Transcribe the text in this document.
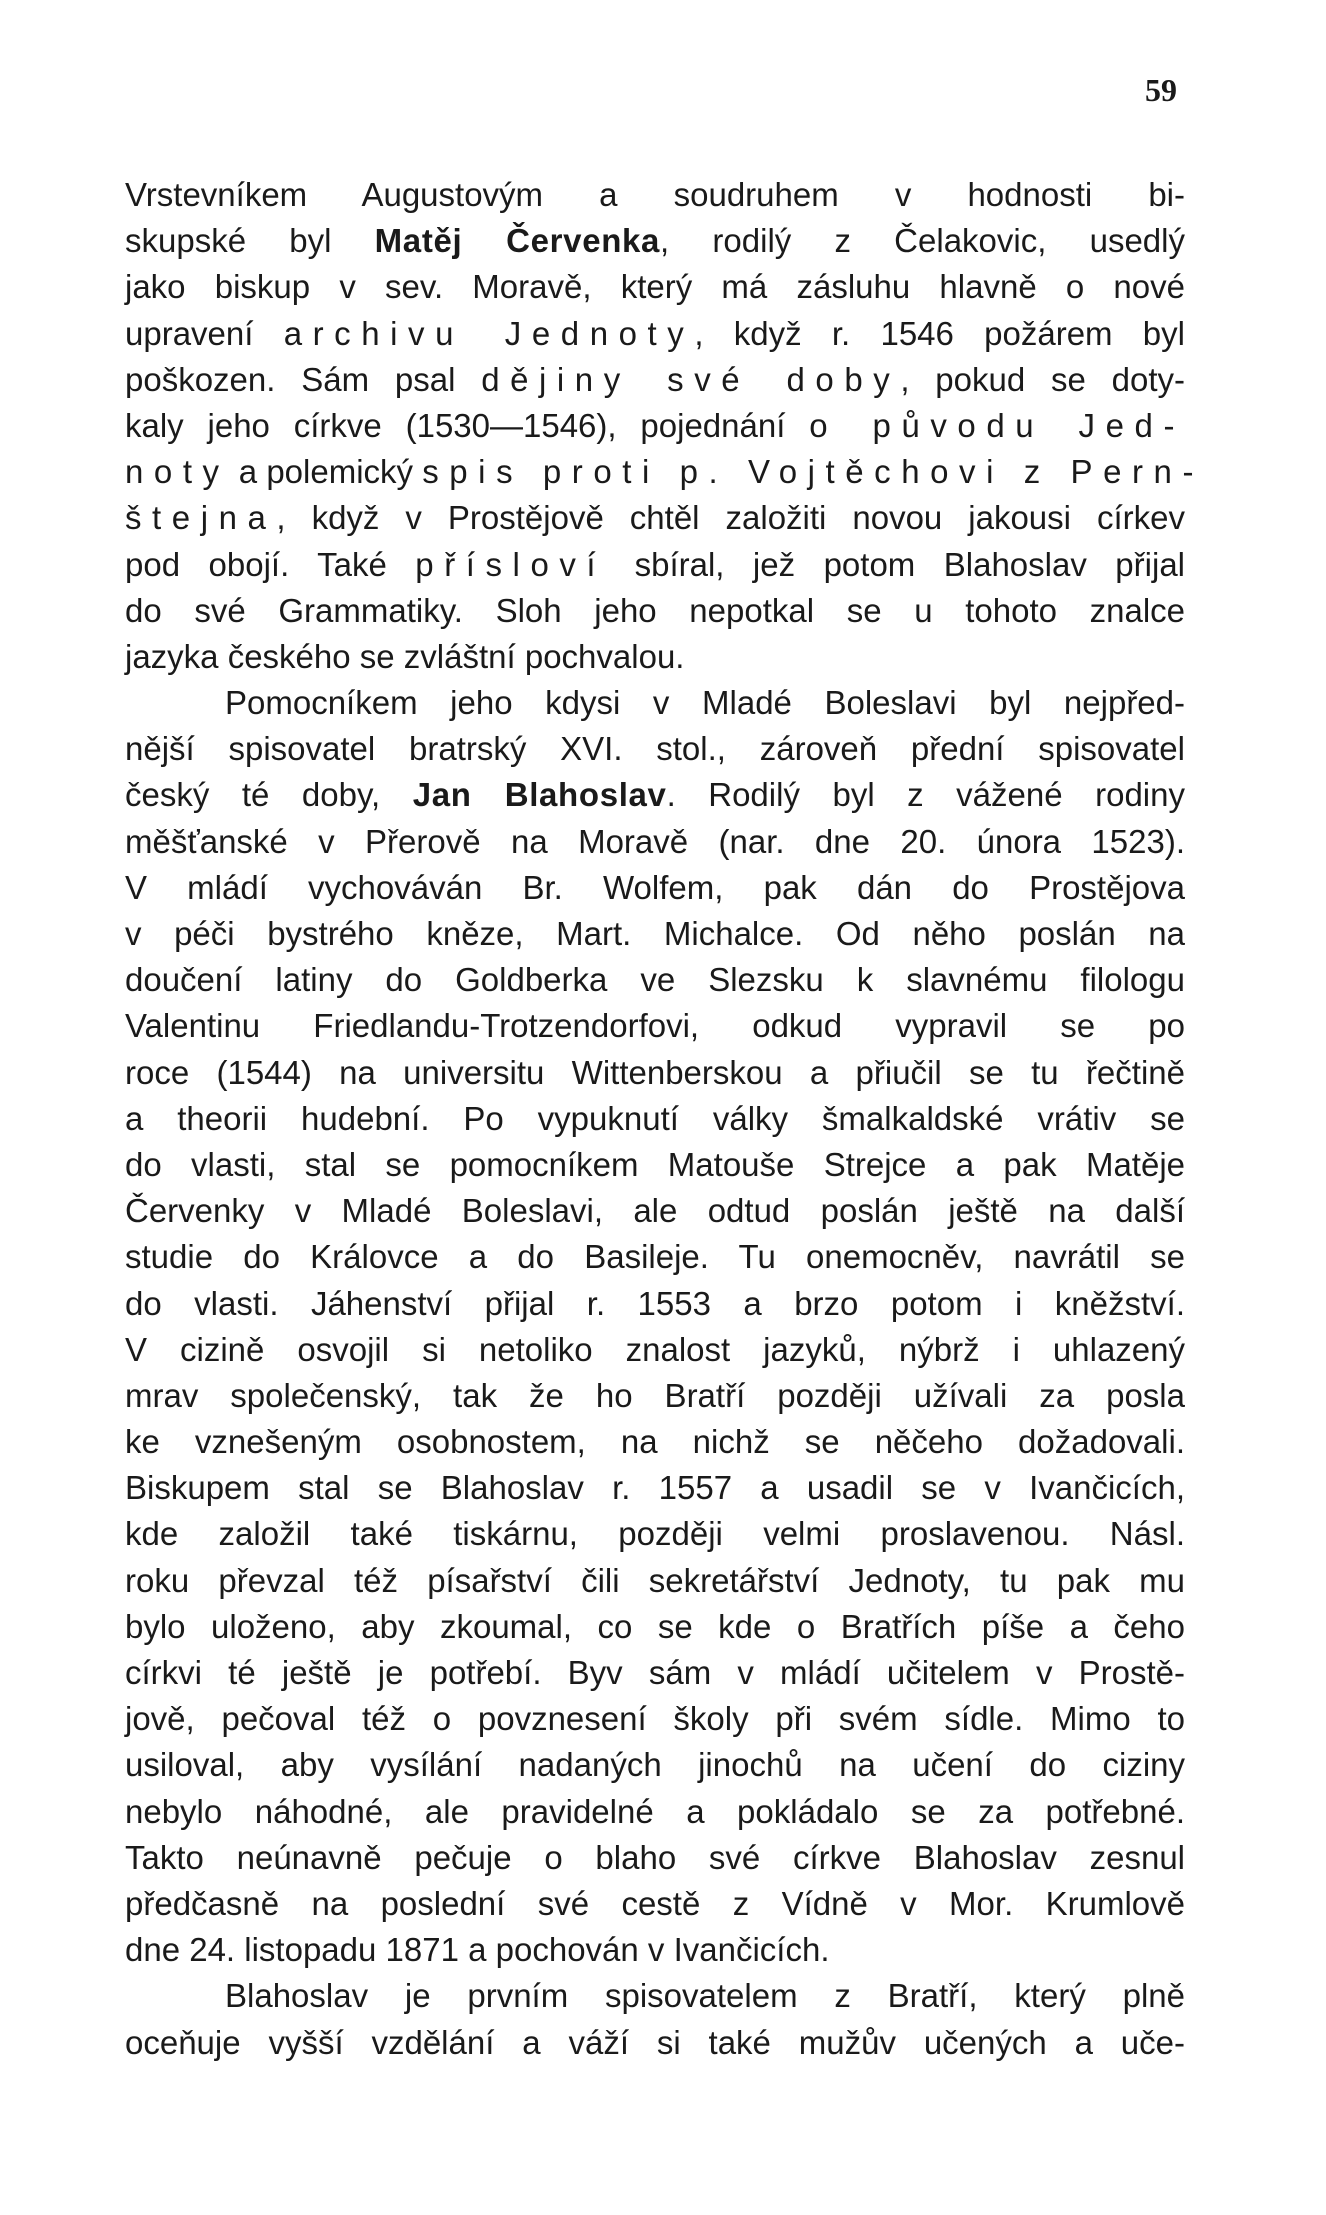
59
Vrstevníkem Augustovým a soudruhem v hodnosti bi-
skupské byl Matěj Červenka, rodilý z Čelakovic, usedlý
jako biskup v sev. Moravě, který má zásluhu hlavně o nové
upravení archivu Jednoty, když r. 1546 požárem byl
poškozen. Sám psal dějiny své doby, pokud se doty-
kaly jeho církve (1530—1546), pojednání o původu Jed-
noty a polemický spis proti p. Vojtěchovi z Pern-
štejna, když v Prostějově chtěl založiti novou jakousi církev
pod obojí. Také přísloví sbíral, jež potom Blahoslav přijal
do své Grammatiky. Sloh jeho nepotkal se u tohoto znalce
jazyka českého se zvláštní pochvalou.
Pomocníkem jeho kdysi v Mladé Boleslavi byl nejpřed-
nější spisovatel bratrský XVI. stol., zároveň přední spisovatel
český té doby, Jan Blahoslav. Rodilý byl z vážené rodiny
měšťanské v Přerově na Moravě (nar. dne 20. února 1523).
V mládí vychováván Br. Wolfem, pak dán do Prostějova
v péči bystrého kněze, Mart. Michalce. Od něho poslán na
doučení latiny do Goldberka ve Slezsku k slavnému filologu
Valentinu Friedlandu-Trotzendorfovi, odkud vypravil se po
roce (1544) na universitu Wittenberskou a přiučil se tu řečtině
a theorii hudební. Po vypuknutí války šmalkaldské vrátiv se
do vlasti, stal se pomocníkem Matouše Strejce a pak Matěje
Červenky v Mladé Boleslavi, ale odtud poslán ještě na další
studie do Královce a do Basileje. Tu onemocněv, navrátil se
do vlasti. Jáhenství přijal r. 1553 a brzo potom i kněžství.
V cizině osvojil si netoliko znalost jazyků, nýbrž i uhlazený
mrav společenský, tak že ho Bratří později užívali za posla
ke vznešeným osobnostem, na nichž se něčeho dožadovali.
Biskupem stal se Blahoslav r. 1557 a usadil se v Ivančicích,
kde založil také tiskárnu, později velmi proslavenou. Násl.
roku převzal též písařství čili sekretářství Jednoty, tu pak mu
bylo uloženo, aby zkoumal, co se kde o Bratřích píše a čeho
církvi té ještě je potřebí. Byv sám v mládí učitelem v Prostě-
jově, pečoval též o povznesení školy při svém sídle. Mimo to
usiloval, aby vysílání nadaných jinochů na učení do ciziny
nebylo náhodné, ale pravidelné a pokládalo se za potřebné.
Takto neúnavně pečuje o blaho své církve Blahoslav zesnul
předčasně na poslední své cestě z Vídně v Mor. Krumlově
dne 24. listopadu 1871 a pochován v Ivančicích.
Blahoslav je prvním spisovatelem z Bratří, který plně
oceňuje vyšší vzdělání a váží si také mužův učených a uče-
